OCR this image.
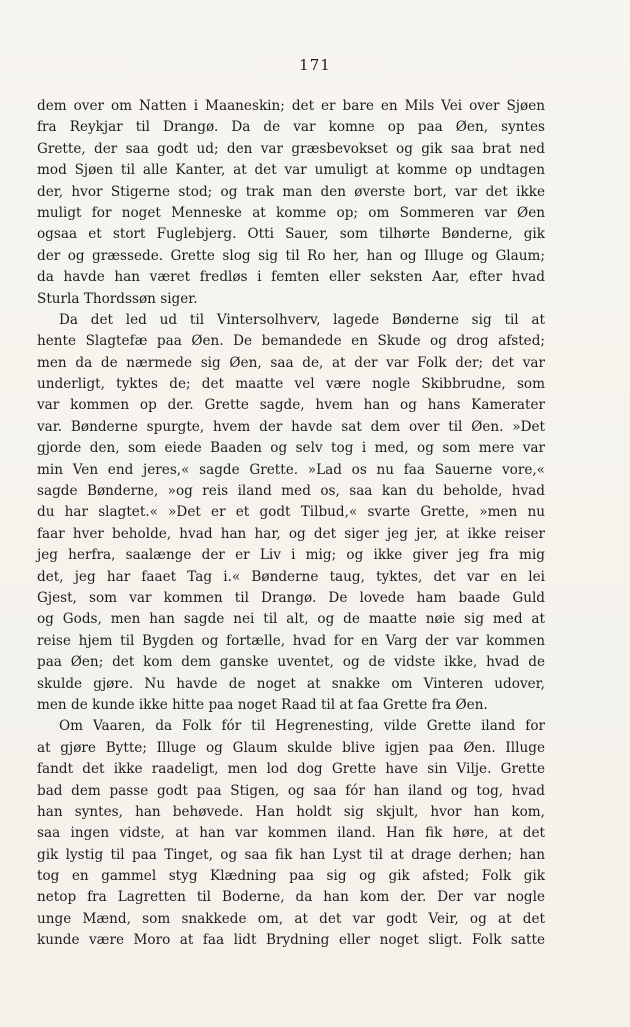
171
dem over om Natten i Maaneskin; det er bare en Mils Vei over Sjøen
fra Reykjar til Drangø. Da de var komne op paa Øen, syntes
Grette, der saa godt ud; den var græsbevokset og gik saa brat ned
mod Sjøen til alle Kanter, at det var umuligt at komme op undtagen
der, hvor Stigerne stod; og trak man den øverste bort, var det ikke
muligt for noget Menneske at komme op; om Sommeren var Øen
ogsaa et stort Fuglebjerg. Otti Sauer, som tilhørte Bønderne, gik
der og græssede. Grette slog sig til Ro her, han og Illuge og Glaum;
da havde han været fredløs i femten eller seksten Aar, efter hvad
Sturla Thordssøn siger.
Da det led ud til Vintersolhverv, lagede Bønderne sig til at
hente Slagtefæ paa Øen. De bemandede en Skude og drog afsted;
men da de nærmede sig Øen, saa de, at der var Folk der; det var
underligt, tyktes de; det maatte vel være nogle Skibbrudne, som
var kommen op der. Grette sagde, hvem han og hans Kamerater
var. Bønderne spurgte, hvem der havde sat dem over til Øen. »Det
gjorde den, som eiede Baaden og selv tog i med, og som mere var
min Ven end jeres,« sagde Grette. »Lad os nu faa Sauerne vore,«
sagde Bønderne, »og reis iland med os, saa kan du beholde, hvad
du har slagtet.« »Det er et godt Tilbud,« svarte Grette, »men nu
faar hver beholde, hvad han har, og det siger jeg jer, at ikke reiser
jeg herfra, saalænge der er Liv i mig; og ikke giver jeg fra mig
det, jeg har faaet Tag i.« Bønderne taug, tyktes, det var en lei
Gjest, som var kommen til Drangø. De lovede ham baade Guld
og Gods, men han sagde nei til alt, og de maatte nøie sig med at
reise hjem til Bygden og fortælle, hvad for en Varg der var kommen
paa Øen; det kom dem ganske uventet, og de vidste ikke, hvad de
skulde gjøre. Nu havde de noget at snakke om Vinteren udover,
men de kunde ikke hitte paa noget Raad til at faa Grette fra Øen.
Om Vaaren, da Folk fór til Hegrenesting, vilde Grette iland for
at gjøre Bytte; Illuge og Glaum skulde blive igjen paa Øen. Illuge
fandt det ikke raadeligt, men lod dog Grette have sin Vilje. Grette
bad dem passe godt paa Stigen, og saa fór han iland og tog, hvad
han syntes, han behøvede. Han holdt sig skjult, hvor han kom,
saa ingen vidste, at han var kommen iland. Han fik høre, at det
gik lystig til paa Tinget, og saa fik han Lyst til at drage derhen; han
tog en gammel styg Klædning paa sig og gik afsted; Folk gik
netop fra Lagretten til Boderne, da han kom der. Der var nogle
unge Mænd, som snakkede om, at det var godt Veir, og at det
kunde være Moro at faa lidt Brydning eller noget sligt. Folk satte
